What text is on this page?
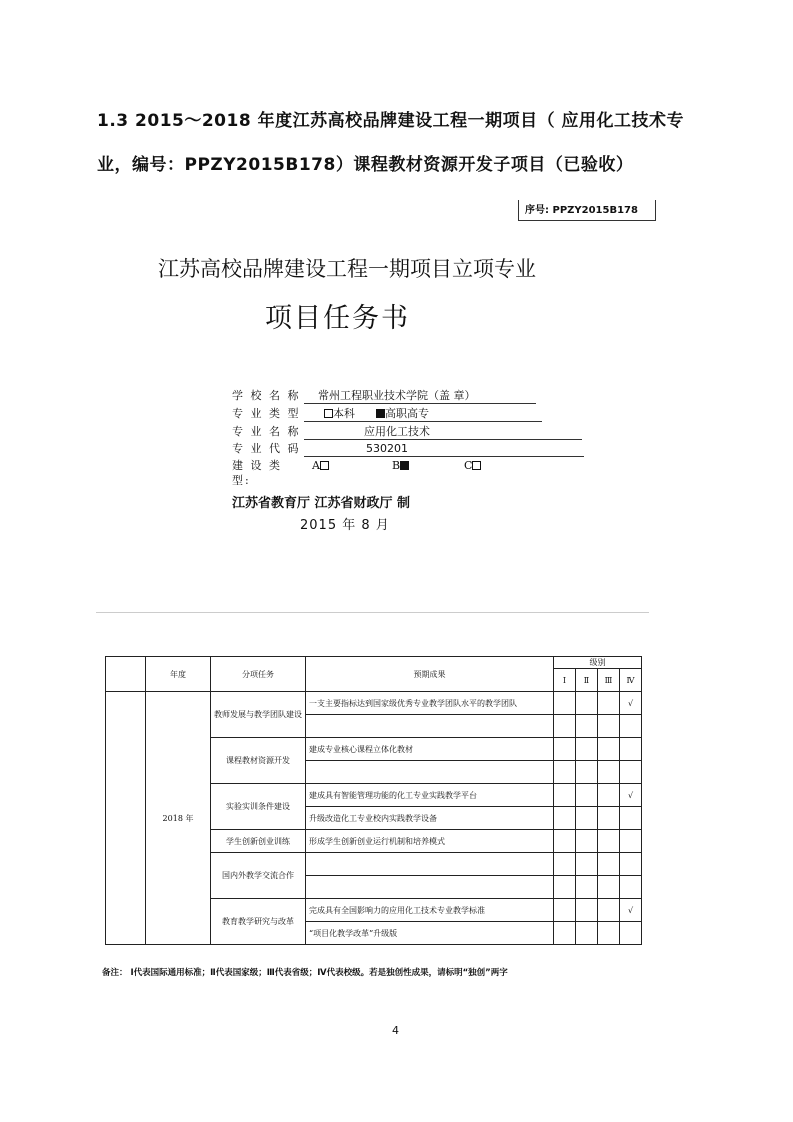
1.3 2015～2018 年度江苏高校品牌建设工程一期项目（ 应用化工技术专
业，编号：PPZY2015B178）课程教材资源开发子项目（已验收）
序号: PPZY2015B178
江苏高校品牌建设工程一期项目立项专业
项目任务书
学 校 名 称	常州工程职业技术学院（盖 章）
专 业 类 型	本科	高职高专
专 业 名 称	应用化工技术
专 业 代 码	530201
建 设 类 型:
A	B	C
江苏省教育厅 江苏省财政厅 制
2015 年 8 月
	年度	分项任务	预期成果	级别			
				Ⅰ	Ⅱ	Ⅲ	Ⅳ
	2018 年	教师发展与教学团队建设	一支主要指标达到国家级优秀专业教学团队水平的教学团队				√

		课程教材资源开发	建成专业核心课程立体化教材				

		实验实训条件建设	建成具有智能管理功能的化工专业实践教学平台				√
			升级改造化工专业校内实践教学设备				
		学生创新创业训练	形成学生创新创业运行机制和培养模式				
		国内外教学交流合作					

		教育教学研究与改革	完成具有全国影响力的应用化工技术专业教学标准				√
			“项目化教学改革”升级版				
备注： Ⅰ代表国际通用标准；Ⅱ代表国家级；Ⅲ代表省级；Ⅳ代表校级。若是独创性成果，请标明“独创”两字
4
